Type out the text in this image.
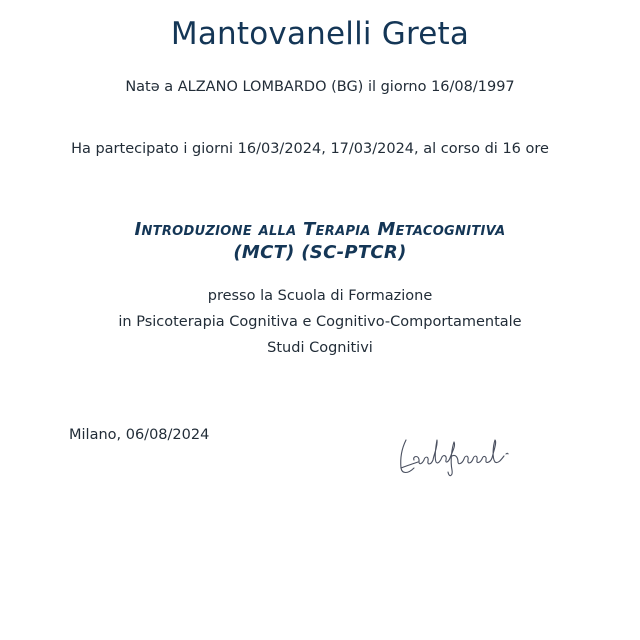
Mantovanelli Greta
Natə a ALZANO LOMBARDO (BG) il giorno 16/08/1997
Ha partecipato i giorni 16/03/2024, 17/03/2024, al corso di 16 ore
Introduzione alla Terapia Metacognitiva
(MCT) (SC-PTCR)
presso la Scuola di Formazione
in Psicoterapia Cognitiva e Cognitivo-Comportamentale
Studi Cognitivi
Milano, 06/08/2024
